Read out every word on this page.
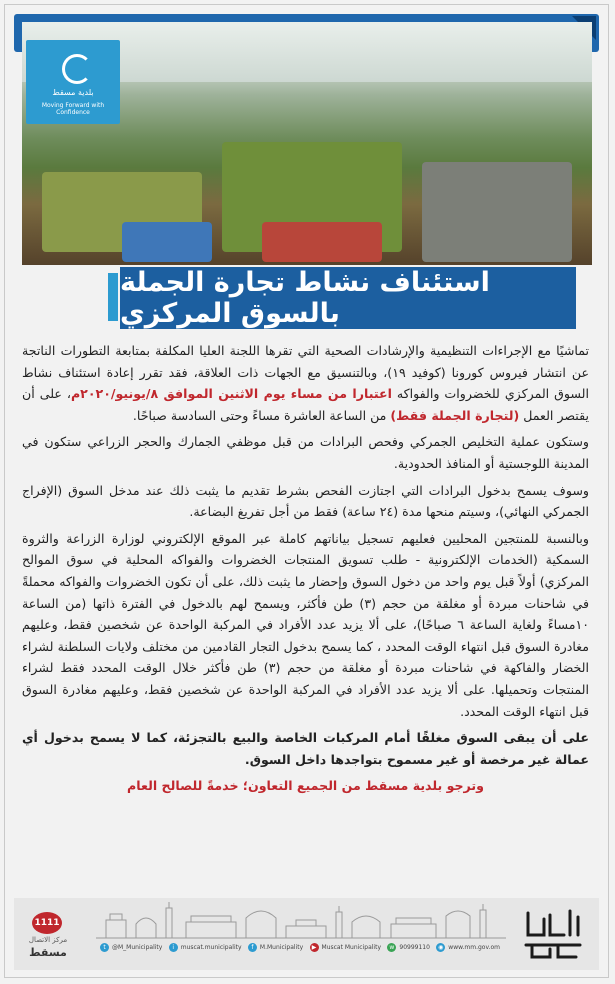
بلدية مسقط
Moving Forward with Confidence
استئناف نشاط تجارة الجملة بالسوق المركزي

تماشيًا مع الإجراءات التنظيمية والإرشادات الصحية التي تقرها اللجنة العليا المكلفة بمتابعة التطورات الناتجة عن انتشار فيروس كورونا (كوفيد ١٩)، وبالتنسيق مع الجهات ذات العلاقة، فقد تقرر إعادة استئناف نشاط السوق المركزي للخضروات والفواكه اعتبارا من مساء يوم الاثنين الموافق ٨/يونيو/٢٠٢٠م، على أن يقتصر العمل (لتجارة الجملة فقط) من الساعة العاشرة مساءً وحتى السادسة صباحًا.

وستكون عملية التخليص الجمركي وفحص البرادات من قبل موظفي الجمارك والحجر الزراعي ستكون في المدينة اللوجستية أو المنافذ الحدودية.

وسوف يسمح بدخول البرادات التي اجتازت الفحص بشرط تقديم ما يثبت ذلك عند مدخل السوق (الإفراج الجمركي النهائي)، وسيتم منحها مدة (٢٤ ساعة) فقط من أجل تفريغ البضاعة.

وبالنسبة للمنتجين المحليين فعليهم تسجيل بياناتهم كاملة عبر الموقع الإلكتروني لوزارة الزراعة والثروة السمكية (الخدمات الإلكترونية - طلب تسويق المنتجات الخضروات والفواكه المحلية في سوق الموالح المركزي) أولاً قبل يوم واحد من دخول السوق وإحضار ما يثبت ذلك، على أن تكون الخضروات والفواكه محملةً في شاحنات مبردة أو مغلقة من حجم (٣) طن فأكثر، ويسمح لهم بالدخول في الفترة ذاتها (من الساعة ١٠مساءً ولغاية الساعة ٦ صباحًا)، على ألا يزيد عدد الأفراد في المركبة الواحدة عن شخصين فقط، وعليهم مغادرة السوق قبل انتهاء الوقت المحدد ، كما يسمح بدخول التجار القادمين من مختلف ولايات السلطنة لشراء الخضار والفاكهة في شاحنات مبردة أو مغلقة من حجم (٣) طن فأكثر خلال الوقت المحدد فقط لشراء المنتجات وتحميلها. على ألا يزيد عدد الأفراد في المركبة الواحدة عن شخصين فقط، وعليهم مغادرة السوق قبل انتهاء الوقت المحدد.

على أن يبقى السوق مغلقًا أمام المركبات الخاصة والبيع بالتجزئة، كما لا يسمح بدخول أي عمالة غير مرخصة أو غير مسموح بتواجدها داخل السوق.

وترجو بلدية مسقط من الجميع التعاون؛ خدمةً للصالح العام

t	@M_Municipality	i	muscat.municipality	f	M.Municipality	▶ Muscat Municipality	w 90999110	◉ www.mm.gov.om
1111
مركز الاتصال
مسقط
